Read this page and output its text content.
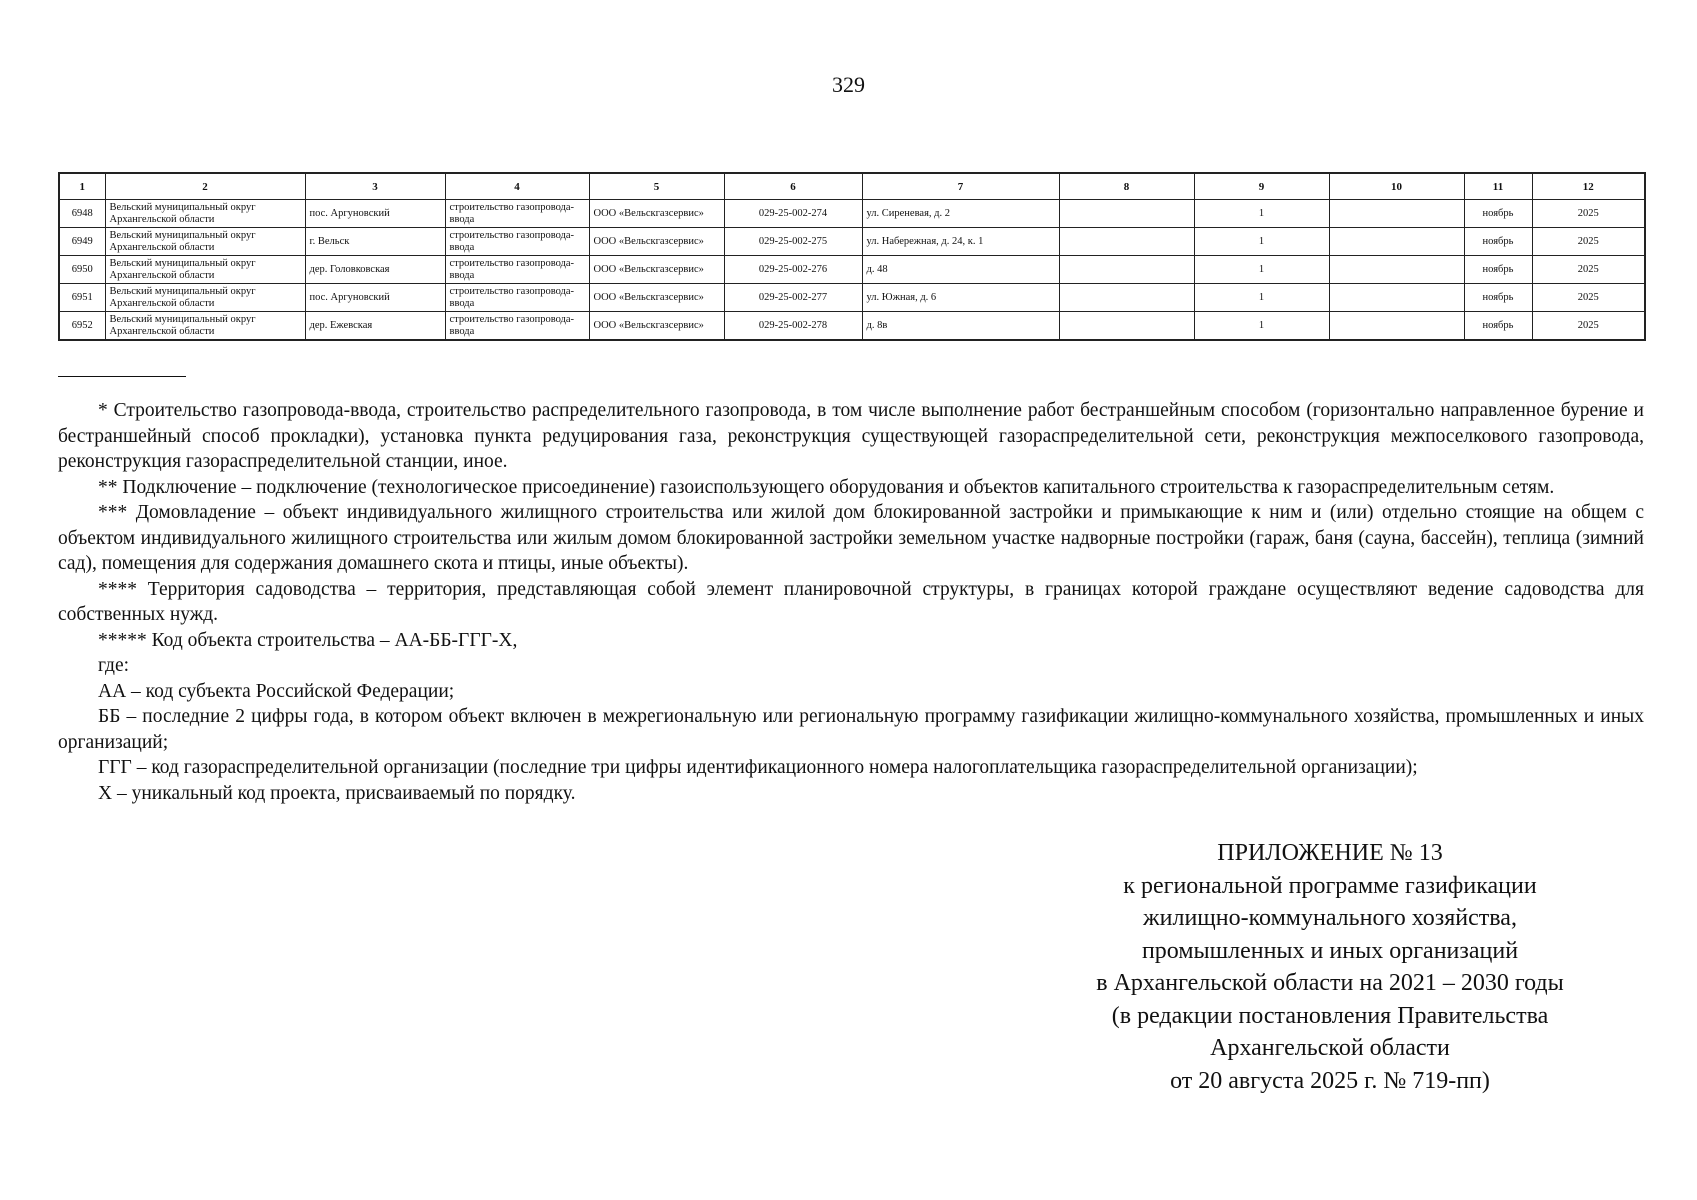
329
1	2	3	4	5	6	7	8	9	10	11	12
6948	Вельский муниципальный округ Архангельской области	пос. Аргуновский	строительство газопровода-ввода	ООО «Вельскгазсервис»	029-25-002-274	ул. Сиреневая, д. 2		1		ноябрь	2025
6949	Вельский муниципальный округ Архангельской области	г. Вельск	строительство газопровода-ввода	ООО «Вельскгазсервис»	029-25-002-275	ул. Набережная, д. 24, к. 1		1		ноябрь	2025
6950	Вельский муниципальный округ Архангельской области	дер. Головковская	строительство газопровода-ввода	ООО «Вельскгазсервис»	029-25-002-276	д. 48		1		ноябрь	2025
6951	Вельский муниципальный округ Архангельской области	пос. Аргуновский	строительство газопровода-ввода	ООО «Вельскгазсервис»	029-25-002-277	ул. Южная, д. 6		1		ноябрь	2025
6952	Вельский муниципальный округ Архангельской области	дер. Ежевская	строительство газопровода-ввода	ООО «Вельскгазсервис»	029-25-002-278	д. 8в		1		ноябрь	2025

* Строительство газопровода-ввода, строительство распределительного газопровода, в том числе выполнение работ бестраншейным способом (горизонтально направленное бурение и бестраншейный способ прокладки), установка пункта редуцирования газа, реконструкция существующей газораспределительной сети, реконструкция межпоселкового газопровода, реконструкция газораспределительной станции, иное.

** Подключение – подключение (технологическое присоединение) газоиспользующего оборудования и объектов капитального строительства к газораспределительным сетям.

*** Домовладение – объект индивидуального жилищного строительства или жилой дом блокированной застройки и примыкающие к ним и (или) отдельно стоящие на общем с объектом индивидуального жилищного строительства или жилым домом блокированной застройки земельном участке надворные постройки (гараж, баня (сауна, бассейн), теплица (зимний сад), помещения для содержания домашнего скота и птицы, иные объекты).

**** Территория садоводства – территория, представляющая собой элемент планировочной структуры, в границах которой граждане осуществляют ведение садоводства для собственных нужд.

***** Код объекта строительства – АА-ББ-ГГГ-Х,

где:

АА – код субъекта Российской Федерации;

ББ – последние 2 цифры года, в котором объект включен в межрегиональную или региональную программу газификации жилищно-коммунального хозяйства, промышленных и иных организаций;

ГГГ – код газораспределительной организации (последние три цифры идентификационного номера налогоплательщика газораспределительной организации);

Х – уникальный код проекта, присваиваемый по порядку.

ПРИЛОЖЕНИЕ № 13
к региональной программе газификации
жилищно-коммунального хозяйства,
промышленных и иных организаций
в Архангельской области на 2021 – 2030 годы
(в редакции постановления Правительства
Архангельской области
от 20 августа 2025 г. № 719-пп)
